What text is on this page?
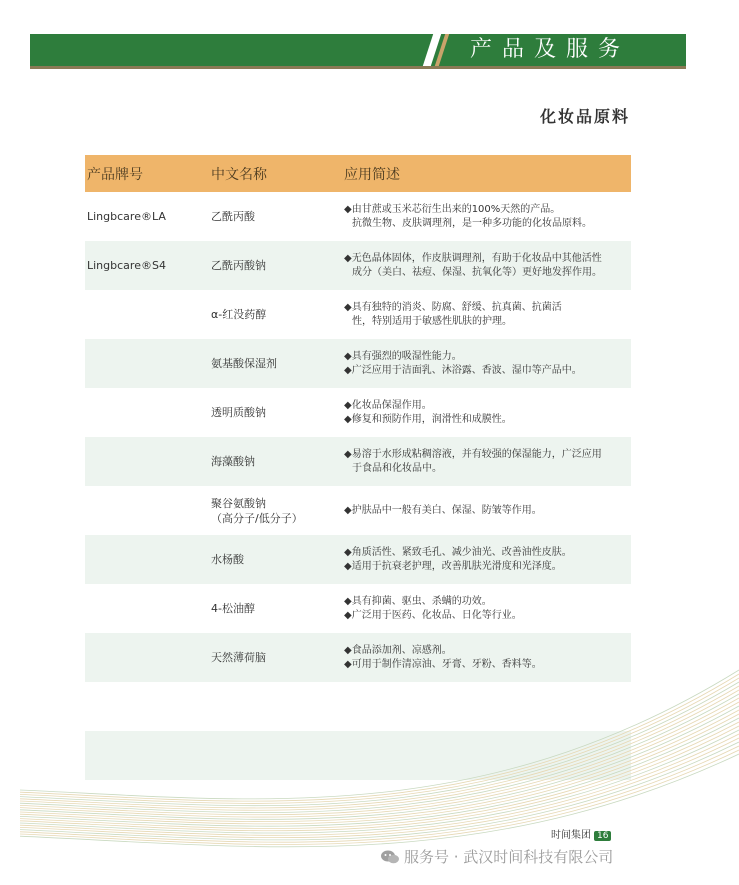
产品及服务
化妆品原料
产品牌号	中文名称	应用简述
Lingbcare®LA	乙酰丙酸
◆由甘蔗或玉米芯衍生出来的100%天然的产品。
抗微生物、皮肤调理剂，是一种多功能的化妆品原料。
Lingbcare®S4	乙酰丙酸钠
◆无色晶体固体，作皮肤调理剂，有助于化妆品中其他活性
成分（美白、祛痘、保湿、抗氧化等）更好地发挥作用。
α-红没药醇
◆具有独特的消炎、防腐、舒缓、抗真菌、抗菌活
性，特别适用于敏感性肌肤的护理。
氨基酸保湿剂
◆具有强烈的吸湿性能力。
◆广泛应用于洁面乳、沐浴露、香波、湿巾等产品中。
透明质酸钠
◆化妆品保湿作用。
◆修复和预防作用，润滑性和成膜性。
海藻酸钠
◆易溶于水形成粘稠溶液，并有较强的保湿能力，广泛应用
于食品和化妆品中。
聚谷氨酸钠
（高分子/低分子）
◆护肤品中一般有美白、保湿、防皱等作用。
水杨酸
◆角质活性、紧致毛孔、减少油光、改善油性皮肤。
◆适用于抗衰老护理，改善肌肤光滑度和光泽度。
4-松油醇
◆具有抑菌、驱虫、杀螨的功效。
◆广泛用于医药、化妆品、日化等行业。
天然薄荷脑
◆食品添加剂、凉感剂。
◆可用于制作清凉油、牙膏、牙粉、香料等。
时间集团 16
服务号 · 武汉时间科技有限公司
